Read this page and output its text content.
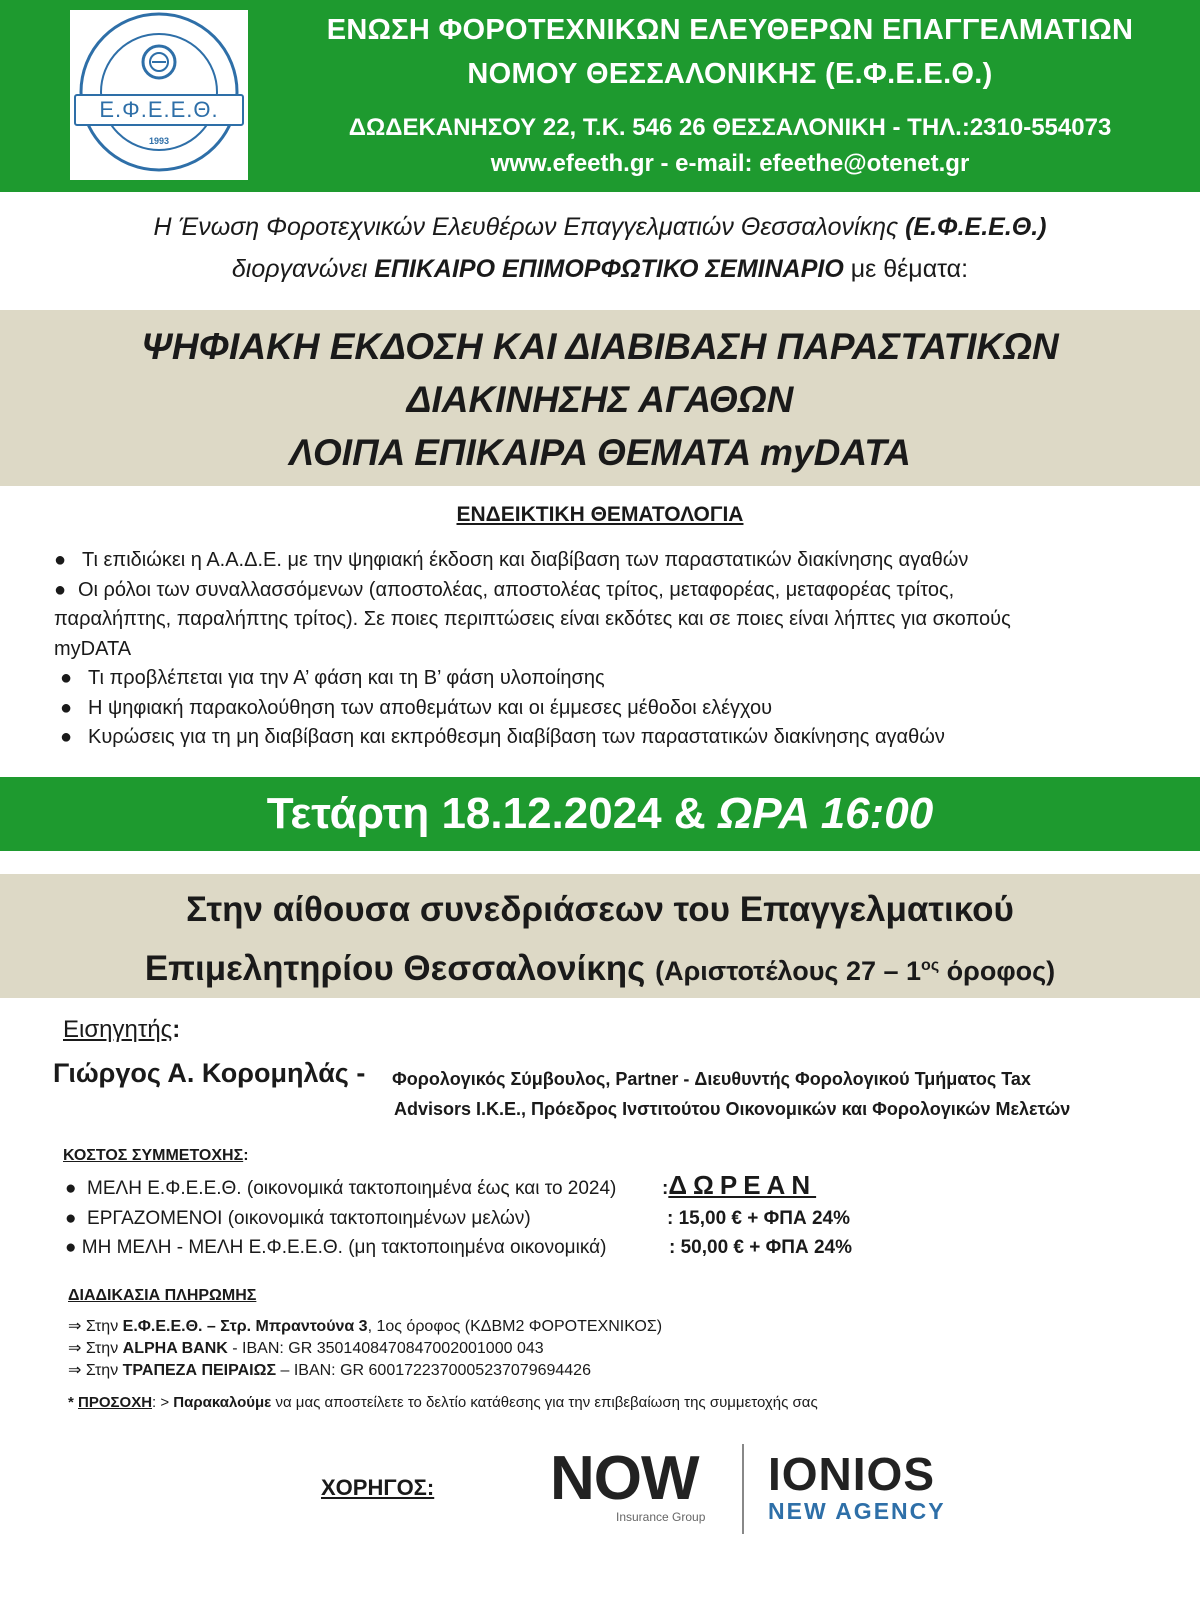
Ε.Φ.Ε.Ε.Θ.
1993
ΕΝΩΣΗ ΦΟΡΟΤΕΧΝΙΚΩΝ ΕΛΕΥΘΕΡΩΝ ΕΠΑΓΓΕΛΜΑΤΙΩΝ
ΝΟΜΟΥ ΘΕΣΣΑΛΟΝΙΚΗΣ (Ε.Φ.Ε.Ε.Θ.)
ΔΩΔΕΚΑΝΗΣΟΥ 22, Τ.Κ. 546 26 ΘΕΣΣΑΛΟΝΙΚΗ - ΤΗΛ.:2310-554073
www.efeeth.gr - e-mail: efeethe@otenet.gr
Η Ένωση Φοροτεχνικών Ελευθέρων Επαγγελματιών Θεσσαλονίκης (Ε.Φ.Ε.Ε.Θ.)
διοργανώνει ΕΠΙΚΑΙΡΟ ΕΠΙΜΟΡΦΩΤΙΚΟ ΣΕΜΙΝΑΡΙΟ με θέματα:
ΨΗΦΙΑΚΗ ΕΚΔΟΣΗ ΚΑΙ ΔΙΑΒΙΒΑΣΗ ΠΑΡΑΣΤΑΤΙΚΩΝ
ΔΙΑΚΙΝΗΣΗΣ ΑΓΑΘΩΝ
ΛΟΙΠΑ ΕΠΙΚΑΙΡΑ ΘΕΜΑΤΑ myDATA
ΕΝΔΕΙΚΤΙΚΗ ΘΕΜΑΤΟΛΟΓΙΑ
● Τι επιδιώκει η Α.Α.Δ.Ε. με την ψηφιακή έκδοση και διαβίβαση των παραστατικών διακίνησης αγαθών
● Οι ρόλοι των συναλλασσόμενων (αποστολέας, αποστολέας τρίτος, μεταφορέας, μεταφορέας τρίτος,
παραλήπτης, παραλήπτης τρίτος). Σε ποιες περιπτώσεις είναι εκδότες και σε ποιες είναι λήπτες για σκοπούς
myDATA
● Τι προβλέπεται για την Α’ φάση και τη Β’ φάση υλοποίησης
● Η ψηφιακή παρακολούθηση των αποθεμάτων και οι έμμεσες μέθοδοι ελέγχου
● Κυρώσεις για τη μη διαβίβαση και εκπρόθεσμη διαβίβαση των παραστατικών διακίνησης αγαθών
Τετάρτη 18.12.2024 & ΩΡΑ 16:00
Στην αίθουσα συνεδριάσεων του Επαγγελματικού
Επιμελητηρίου Θεσσαλονίκης (Αριστοτέλους $27 - 1^{o\varsigma}$ όροφος)
Εισηγητής:
Γιώργος Α. Κορομηλάς - Φορολογικός Σύμβουλος, Partner - Διευθυντής Φορολογικού Τμήματος Tax
Advisors I.K.E., Πρόεδρος Ινστιτούτου Οικονομικών και Φορολογικών Μελετών
ΚΟΣΤΟΣ ΣΥΜΜΕΤΟΧΗΣ:
●  ΜΕΛΗ Ε.Φ.Ε.Ε.Θ. (οικονομικά τακτοποιημένα έως και το 2024) :ΔΩΡΕΑΝ
●  ΕΡΓΑΖΟΜΕΝΟΙ (οικονομικά τακτοποιημένων μελών)	: 15,00 € + ΦΠΑ 24%
● ΜΗ ΜΕΛΗ - ΜΕΛΗ Ε.Φ.Ε.Ε.Θ. (μη τακτοποιημένα οικονομικά)	: 50,00 € + ΦΠΑ 24%
ΔΙΑΔΙΚΑΣΙΑ ΠΛΗΡΩΜΗΣ
⇒ Στην Ε.Φ.Ε.Ε.Θ. – Στρ. Μπραντούνα 3, 1ος όροφος (ΚΔΒΜ2 ΦΟΡΟΤΕΧΝΙΚΟΣ)
⇒ Στην ALPHA BANK - IBAN: GR 3501408470847002001000 043
⇒ Στην ΤΡΑΠΕΖΑ ΠΕΙΡΑΙΩΣ – IBAN: GR 6001722370005237079694426
* ΠΡΟΣΟΧΗ: > Παρακαλούμε να μας αποστείλετε το δελτίο κατάθεσης για την επιβεβαίωση της συμμετοχής σας
ΧΟΡΗΓΟΣ: NOW
Insurance Group
IONIOS
NEW AGENCY
